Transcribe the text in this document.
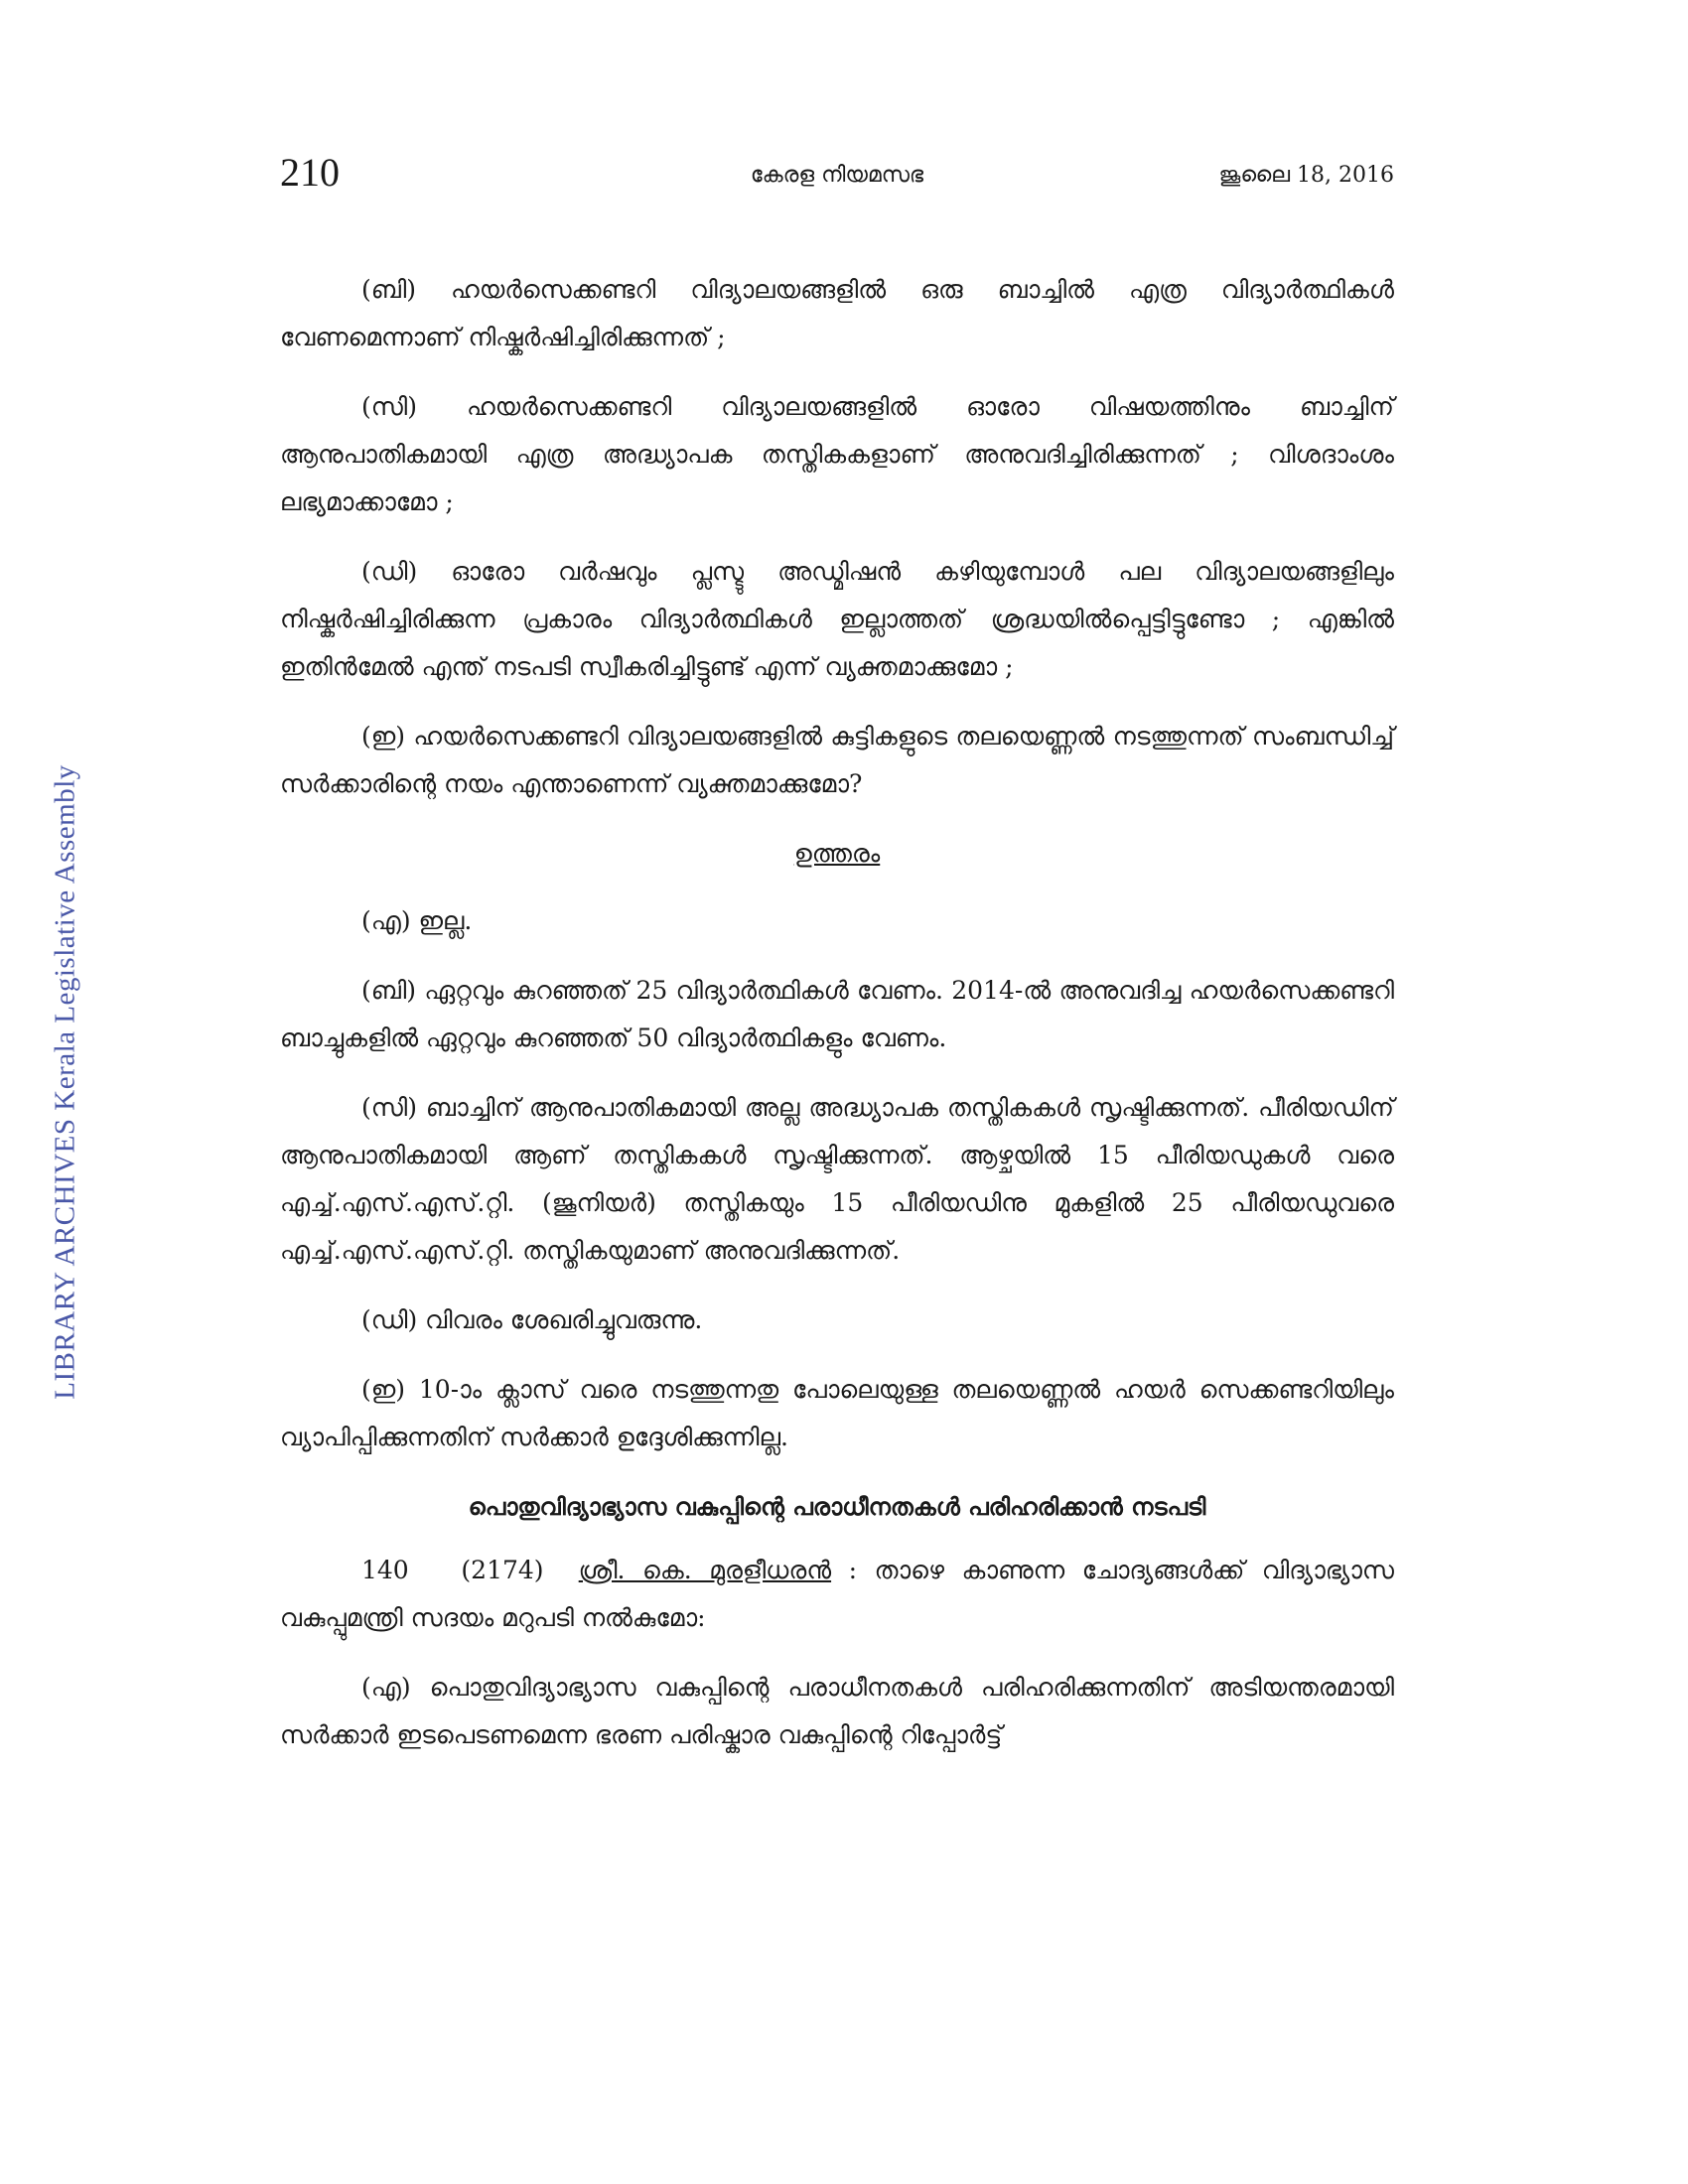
LIBRARY ARCHIVES Kerala Legislative Assembly
210	കേരള നിയമസഭ	ജൂലൈ 18, 2016

(ബി) ഹയർസെക്കണ്ടറി വിദ്യാലയങ്ങളിൽ ഒരു ബാച്ചിൽ എത്ര വിദ്യാർത്ഥികൾ വേണമെന്നാണ് നിഷ്കർഷിച്ചിരിക്കുന്നത് ;

(സി) ഹയർസെക്കണ്ടറി വിദ്യാലയങ്ങളിൽ ഓരോ വിഷയത്തിനും ബാച്ചിന് ആനുപാതികമായി എത്ര അദ്ധ്യാപക തസ്തികകളാണ് അനുവദിച്ചിരിക്കുന്നത് ; വിശദാംശം ലഭ്യമാക്കാമോ ;

(ഡി) ഓരോ വർഷവും പ്ലസ്ടു അഡ്മിഷൻ കഴിയുമ്പോൾ പല വിദ്യാലയങ്ങളിലും നിഷ്കർഷിച്ചിരിക്കുന്ന പ്രകാരം വിദ്യാർത്ഥികൾ ഇല്ലാത്തത് ശ്രദ്ധയിൽപ്പെട്ടിട്ടുണ്ടോ ; എങ്കിൽ ഇതിൻമേൽ എന്ത് നടപടി സ്വീകരിച്ചിട്ടുണ്ട് എന്ന് വ്യക്തമാക്കുമോ ;

(ഇ) ഹയർസെക്കണ്ടറി വിദ്യാലയങ്ങളിൽ കുട്ടികളുടെ തലയെണ്ണൽ നടത്തുന്നത് സംബന്ധിച്ച് സർക്കാരിന്റെ നയം എന്താണെന്ന് വ്യക്തമാക്കുമോ?

ഉത്തരം

(എ) ഇല്ല.

(ബി) ഏറ്റവും കുറഞ്ഞത് 25 വിദ്യാർത്ഥികൾ വേണം. 2014-ൽ അനുവദിച്ച ഹയർസെക്കണ്ടറി ബാച്ചുകളിൽ ഏറ്റവും കുറഞ്ഞത് 50 വിദ്യാർത്ഥികളും വേണം.

(സി) ബാച്ചിന് ആനുപാതികമായി അല്ല അദ്ധ്യാപക തസ്തികകൾ സൃഷ്ടിക്കുന്നത്. പീരിയഡിന് ആനുപാതികമായി ആണ് തസ്തികകൾ സൃഷ്ടിക്കുന്നത്. ആഴ്ചയിൽ 15 പീരിയഡുകൾ വരെ എച്ച്.എസ്.എസ്.റ്റി. (ജൂനിയർ) തസ്തികയും 15 പീരിയഡിനു മുകളിൽ 25 പീരിയഡുവരെ എച്ച്.എസ്.എസ്.റ്റി. തസ്തികയുമാണ് അനുവദിക്കുന്നത്.

(ഡി) വിവരം ശേഖരിച്ചുവരുന്നു.

(ഇ) 10-ാം ക്ലാസ് വരെ നടത്തുന്നതു പോലെയുള്ള തലയെണ്ണൽ ഹയർ സെക്കണ്ടറിയിലും വ്യാപിപ്പിക്കുന്നതിന് സർക്കാർ ഉദ്ദേശിക്കുന്നില്ല.

പൊതുവിദ്യാഭ്യാസ വകുപ്പിന്റെ പരാധീനതകൾ പരിഹരിക്കാൻ നടപടി

140 (2174) ശ്രീ. കെ. മുരളീധരൻ : താഴെ കാണുന്ന ചോദ്യങ്ങൾക്ക് വിദ്യാഭ്യാസ വകുപ്പുമന്ത്രി സദയം മറുപടി നൽകുമോ:

(എ) പൊതുവിദ്യാഭ്യാസ വകുപ്പിന്റെ പരാധീനതകൾ പരിഹരിക്കുന്നതിന് അടിയന്തരമായി സർക്കാർ ഇടപെടണമെന്ന ഭരണ പരിഷ്കാര വകുപ്പിന്റെ റിപ്പോർട്ട്
